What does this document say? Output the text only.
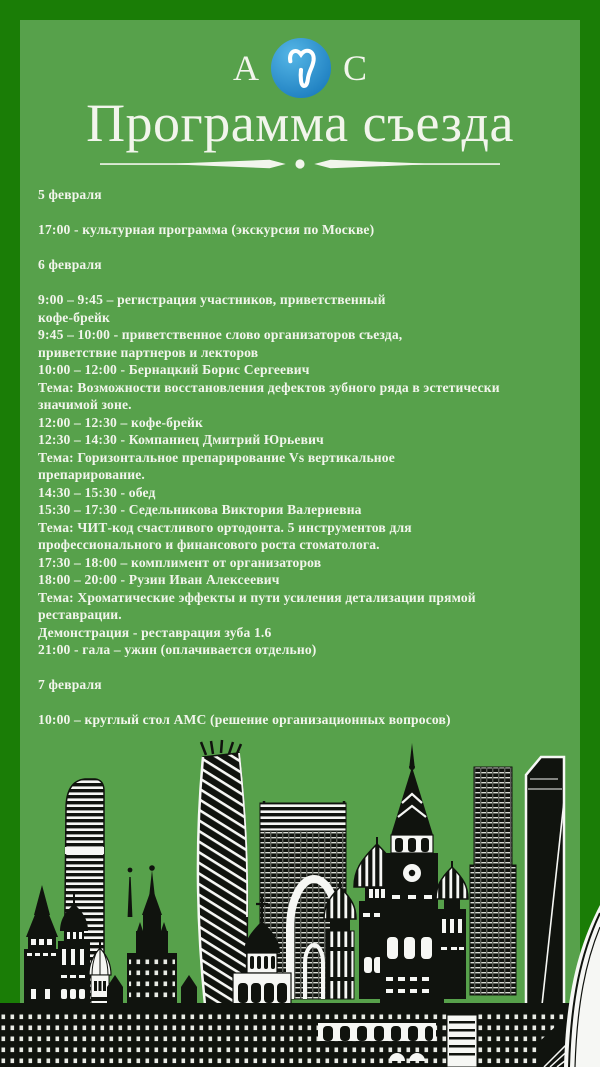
А С
Программа съезда
5 февраля
17:00 - культурная программа (экскурсия по Москве)
6 февраля
9:00 – 9:45 – регистрация участников, приветственный
кофе-брейк
9:45 – 10:00 - приветственное слово организаторов съезда,
приветствие партнеров и лекторов
10:00 – 12:00 - Бернацкий Борис Сергеевич
Тема: Возможности восстановления дефектов зубного ряда в эстетически
значимой зоне.
12:00 – 12:30 – кофе-брейк
12:30 – 14:30 - Компаниец Дмитрий Юрьевич
Тема: Горизонтальное препарирование Vs вертикальное
препарирование.
14:30 – 15:30 - обед
15:30 – 17:30 - Седельникова Виктория Валериевна
Тема: ЧИТ-код счастливого ортодонта. 5 инструментов для
профессионального и финансового роста стоматолога.
17:30 – 18:00 – комплимент от организаторов
18:00 – 20:00 - Рузин Иван Алексеевич
Тема: Хроматические эффекты и пути усиления детализации прямой
реставрации.
Демонстрация - реставрация зуба 1.6
21:00 - гала – ужин (оплачивается отдельно)
7 февраля
10:00 – круглый стол АМС (решение организационных вопросов)
